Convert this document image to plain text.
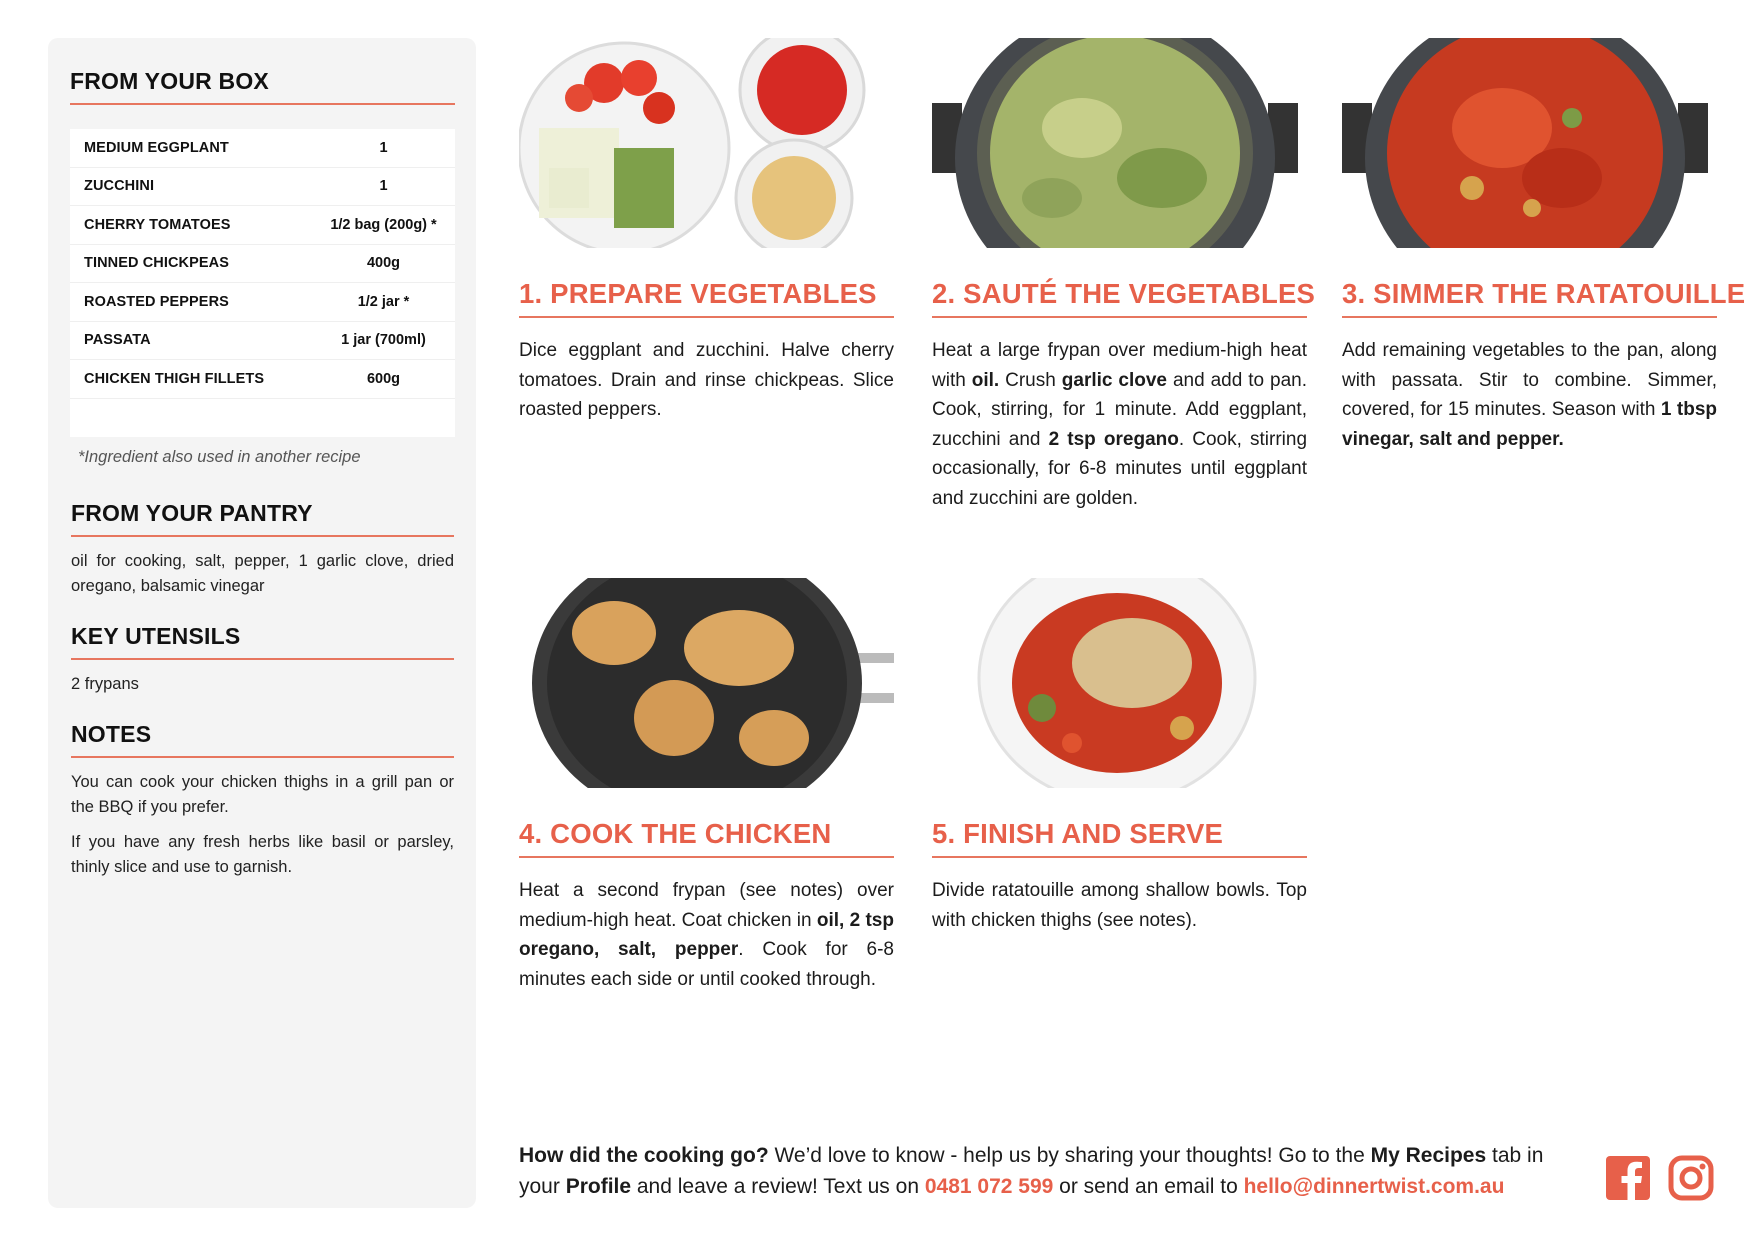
FROM YOUR BOX
MEDIUM EGGPLANT	1
ZUCCHINI	1
CHERRY TOMATOES	1/2 bag (200g) *
TINNED CHICKPEAS	400g
ROASTED PEPPERS	1/2 jar *
PASSATA	1 jar (700ml)
CHICKEN THIGH FILLETS	600g
*Ingredient also used in another recipe
FROM YOUR PANTRY

oil for cooking, salt, pepper, 1 garlic clove, dried oregano, balsamic vinegar

KEY UTENSILS

2 frypans

NOTES

You can cook your chicken thighs in a grill pan or the BBQ if you prefer.

If you have any fresh herbs like basil or parsley, thinly slice and use to garnish.

1. PREPARE VEGETABLES
Dice eggplant and zucchini. Halve cherry tomatoes. Drain and rinse chickpeas. Slice roasted peppers.
2. SAUTÉ THE VEGETABLES
Heat a large frypan over medium-high heat with oil. Crush garlic clove and add to pan. Cook, stirring, for 1 minute. Add eggplant, zucchini and 2 tsp oregano. Cook, stirring occasionally, for 6-8 minutes until eggplant and zucchini are golden.
3. SIMMER THE RATATOUILLE
Add remaining vegetables to the pan, along with passata. Stir to combine. Simmer, covered, for 15 minutes. Season with 1 tbsp vinegar, salt and pepper.
4. COOK THE CHICKEN
Heat a second frypan (see notes) over medium-high heat. Coat chicken in oil, 2 tsp oregano, salt, pepper. Cook for 6-8 minutes each side or until cooked through.
5. FINISH AND SERVE
Divide ratatouille among shallow bowls. Top with chicken thighs (see notes).
How did the cooking go? We’d love to know - help us by sharing your thoughts! Go to the My Recipes tab in your Profile and leave a review! Text us on 0481 072 599 or send an email to hello@dinnertwist.com.au
